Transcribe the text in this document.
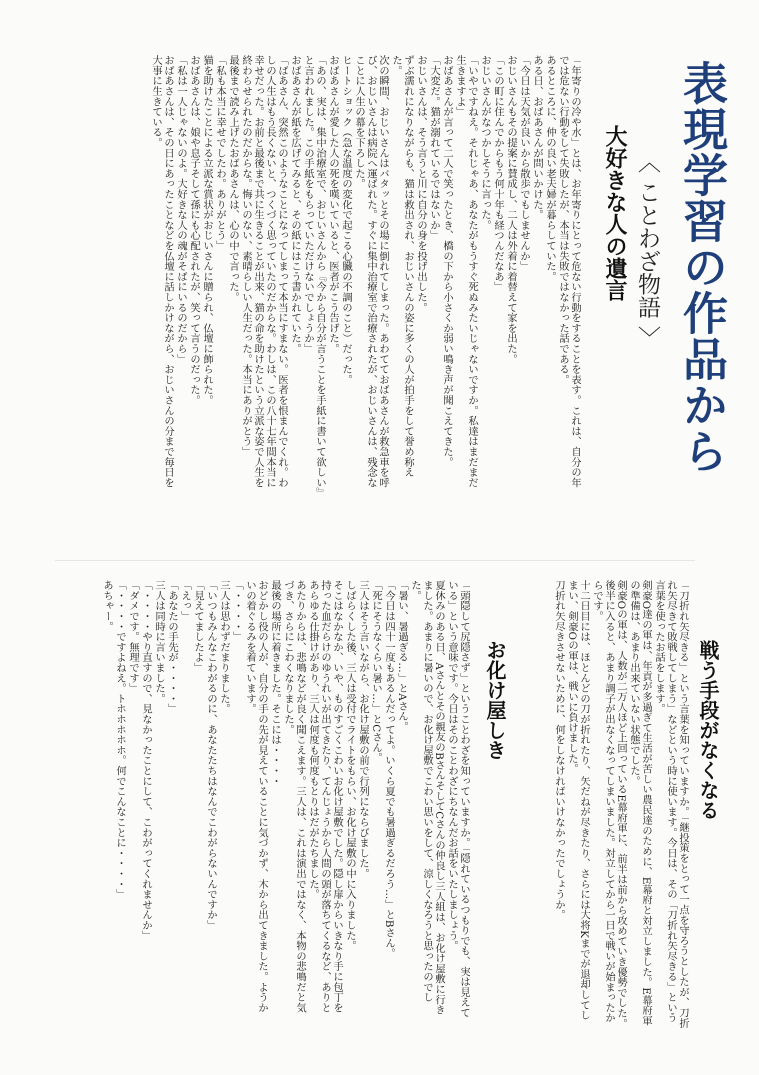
表現学習の作品から
〈 ことわざ物語 〉
大好きな人の遺言
「年寄りの冷や水」とは、お年寄りにとって危ない行動をすることを表す。これは、自分の年では危ない行動をして失敗したが、本当は失敗ではなかった話である。
あるところに、仲の良い老夫婦が暮らしていた。
ある日、おばあさんが問いかけた。
「今日は天気が良いから散歩でもしませんか」
おじいさんもその提案に賛成し、二人は外着に着替えて家を出た。
「この町に住んでからもう何十年も経つんだなあ」
おじいさんがなつかしそうに言った。
「いやですねえ。それじゃあ、あなたがもうすぐ死ぬみたいじゃないですか。私達はまだまだ生きますよ」
おばあさんが言って二人で笑ったとき、橋の下から小さくか弱い鳴き声が聞こえてきた。
「大変だ。猫が溺れているではないか」
おじいさんは、そう言うと川に自分の身を投げ出した。
ずぶ濡れになりながらも、猫は救出され、おじいさんの姿に多くの人が拍手をして誉め称えた。
次の瞬間、おじいさんはバタッとその場に倒れてしまった。あわてておばあさんが救急車を呼び、おじいさんは病院へ運ばれた。すぐに集中治療室で治療されたが、おじいさんは、残念なことに人生の幕を下ろした。
ヒートショック（急な温度の変化で起こる心臓の不調のこと）だった。
おばあさんが愛した人の死を嘆いていると、医者がこう告げた。
「あの、実は、集中治療室で、おじいさんから『今から自分が言うことを手紙に書いて欲しい』と言われました。この手紙をもらっていただけないでしょうか」
おばあさんが紙を広げてみると、その紙にはこう書かれていた。
「ばあさん、突然このようなことになってしまって本当にすまない。医者を恨まんでくれ。わしの人生はもう長くないと、つくづく思っていたのだからな。わしは、この八十七年間本当に幸せだった。お前と最後まで共に生きることが出来、猫の命を助けたという立派な姿で人生を終わらせられたのだからな。悔いのない、素晴らしい人生だった。本当にありがとう」
最後まで読み上げたおばあさんは、心の中で言った。
「私も本当に幸せでしたわ。ありがとう」
猫を助けたことによる立派な賞状がおじいさんに贈られ、仏壇に飾られた。
おばあさんは、娘や息子そして孫にも心配されたが、笑って言うのだった。
「私は一人じゃないのよ。大好きな人の魂がそばにいるのだから」
おばあさんは、その日にあったことなどを仏壇に話しかけながら、おじいさんの分まで毎日を大事に生きている。
戦う手段がなくなる
「刀折れ矢尽きる」という言葉を知っていますか。「継投策をとって一点を守ろうとしたが、刀折れ矢尽きて敗戦してしまう」などという時に使います。今日は、その「刀折れ矢尽きる」という言葉を使ったお話をします。
剣豪O達の軍は、年貢が多過ぎて生活が苦しい農民達のために、E幕府と対立しました。E幕府軍の準備は、あまり出来ていない状態でした。
剣豪Oの軍は、人数が二万人ほど上回っているE幕府軍に、前半は前から攻めていき優勢でした。後半に入ると、あまり調子が出なくなってしまいました。対立してから一日で戦いが始まったからです。
十二日目には、ほとんどの刀が折れたり、矢だねが尽きたり、さらには大将Kまでが退却してしまい、剣豪Oの軍は、戦いに負けました。
刀折れ矢尽きさせないために、何をしなければいけなかったでしょうか。
お化け屋しき
「頭隠して尻隠さず」ということわざを知っていますか。「隠れているつもりでも、実は見えている」という意味です。今日はそのことわざにちなんだお話をいたしましょう。
夏休みのある日、Aさんとその親友のBさんそしてCさんの仲良し三人組は、お化け屋敷に行きました。あまりに暑いので、お化け屋敷でこわい思いをして、涼しくなろうと思ったのでした。
「暑い、暑過ぎる…」とAさん。
「今日は四十一度もあるんだってよ。いくら夏でも暑過ぎるだろう…」とBさん。
「死にそうなくらい暑い…」とCさん。
三人はそう言いながら、お化け屋敷の前で行列にならびました。
しばらくした後、三人は受付でライトをもらい、お化け屋敷の中に入りました。
そこはなかなか、いや、ものすごくこわいお化け屋敷でした。隠し扉からいきなり手に包丁を持った血だらけのゆうれいが出てきたり、てんじょうから人間の頭が落ちてくるなど、ありとあらゆる仕掛けがあり、三人は何度も何度もとりはだがたちました。
あたりからは、悲鳴などが良く聞こえます。三人は、これは演出ではなく、本物の悲鳴だと気づき、さらにこわくなりました。
最後の場所に着きました。そこには・・・・
おどかし役の人が、自分の手の先が見えていることに気づかず、木から出てきました。ようかいの着ぐるみを着ています。
「・・・・」
三人は思わずだまりました。
「いつもみんなこわがるのに、あなたたちはなんでこわがらないんですか」
「見えてましたよ」
「えっ」
「あなたの手先が・・・・」
三人は同時に言いました。
「・・・・やり直すので、見なかったことにして、こわがってくれませんか」
「ダメです。無理です」
「・・・・ですよねえ。トホホホホホ。何でこんなことに・・・・」
あちゃー。
